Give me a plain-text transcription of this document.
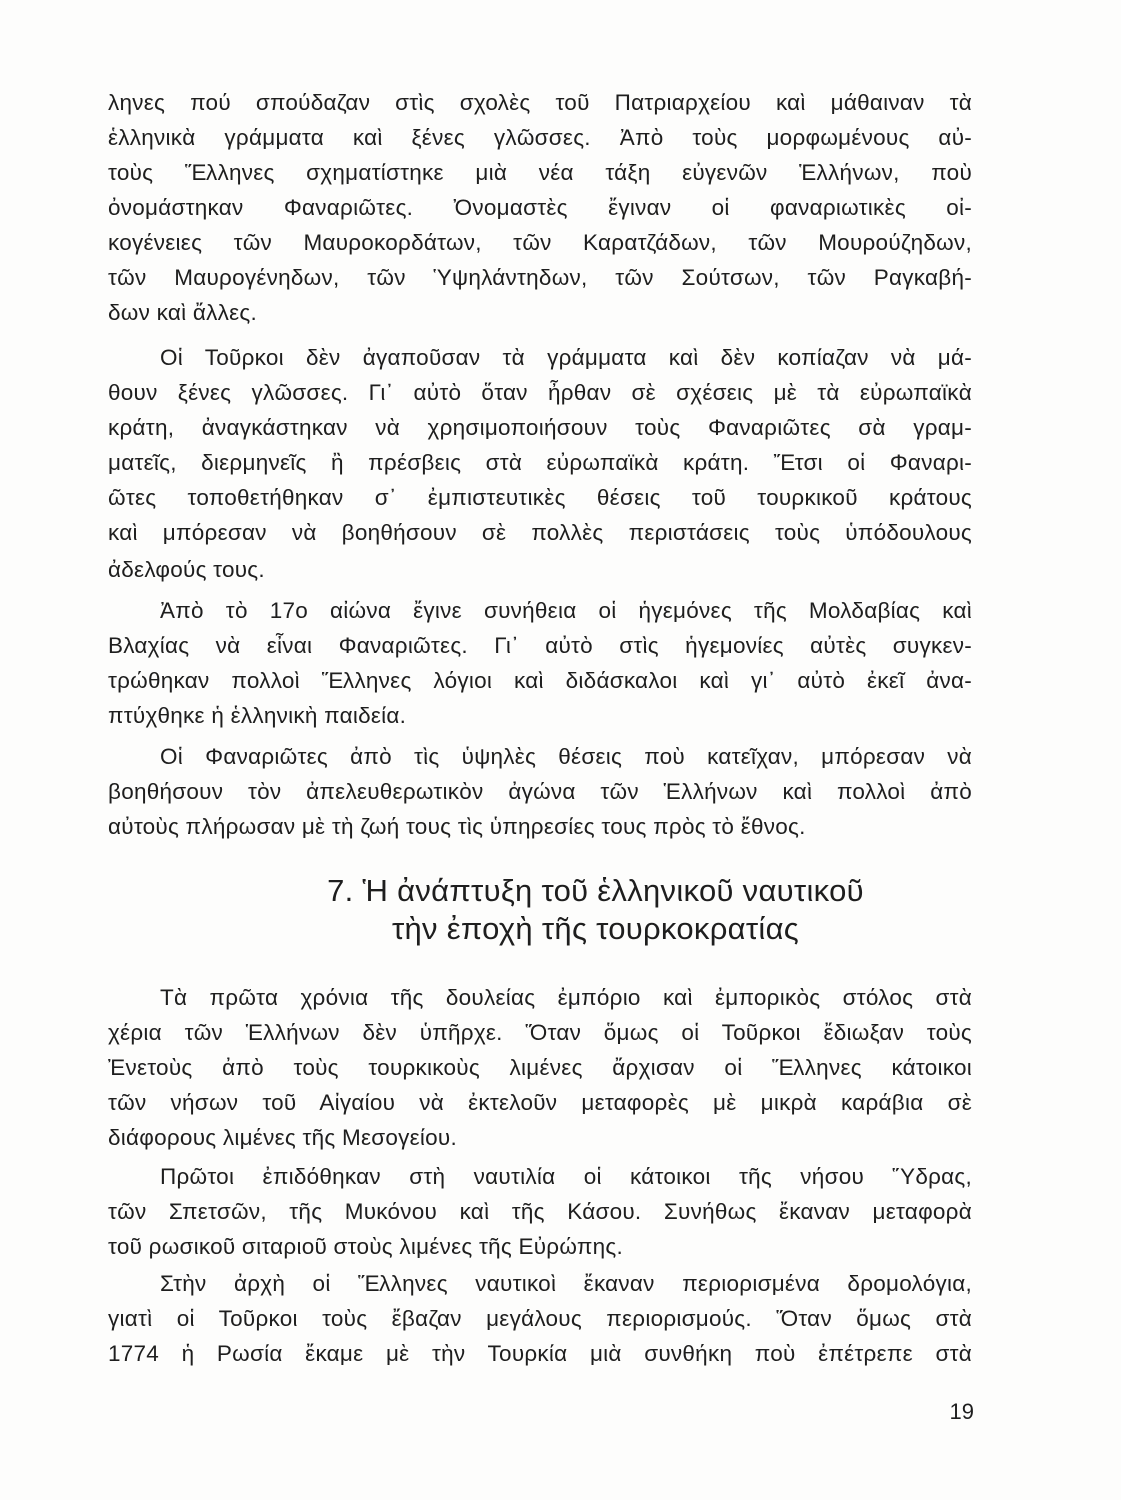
ληνες πού σπούδαζαν στὶς σχολὲς τοῦ Πατριαρχείου καὶ μάθαιναν τὰ
ἑλληνικὰ γράμματα καὶ ξένες γλῶσσες. Ἀπὸ τοὺς μορφωμένους αὐ-
τοὺς Ἕλληνες σχηματίστηκε μιὰ νέα τάξη εὐγενῶν Ἑλλήνων, ποὺ
ὀνομάστηκαν Φαναριῶτες. Ὀνομαστὲς ἔγιναν οἱ φαναριωτικὲς οἰ-
κογένειες τῶν Μαυροκορδάτων, τῶν Καρατζάδων, τῶν Μουρούζηδων,
τῶν Μαυρογένηδων, τῶν Ὑψηλάντηδων, τῶν Σούτσων, τῶν Ραγκαβή-
δων καὶ ἄλλες.
Οἱ Τοῦρκοι δὲν ἀγαποῦσαν τὰ γράμματα καὶ δὲν κοπίαζαν νὰ μά-
θουν ξένες γλῶσσες. Γι᾽ αὐτὸ ὅταν ἦρθαν σὲ σχέσεις μὲ τὰ εὐρωπαϊκὰ
κράτη, ἀναγκάστηκαν νὰ χρησιμοποιήσουν τοὺς Φαναριῶτες σὰ γραμ-
ματεῖς, διερμηνεῖς ἢ πρέσβεις στὰ εὐρωπαϊκὰ κράτη. Ἔτσι οἱ Φαναρι-
ῶτες τοποθετήθηκαν σ᾽ ἐμπιστευτικὲς θέσεις τοῦ τουρκικοῦ κράτους
καὶ μπόρεσαν νὰ βοηθήσουν σὲ πολλὲς περιστάσεις τοὺς ὑπόδουλους
ἀδελφούς τους.
Ἀπὸ τὸ 17ο αἰώνα ἔγινε συνήθεια οἱ ἡγεμόνες τῆς Μολδαβίας καὶ
Βλαχίας νὰ εἶναι Φαναριῶτες. Γι᾽ αὐτὸ στὶς ἡγεμονίες αὐτὲς συγκεν-
τρώθηκαν πολλοὶ Ἕλληνες λόγιοι καὶ διδάσκαλοι καὶ γι᾽ αὐτὸ ἐκεῖ ἀνα-
πτύχθηκε ἡ ἑλληνικὴ παιδεία.
Οἱ Φαναριῶτες ἀπὸ τὶς ὑψηλὲς θέσεις ποὺ κατεῖχαν, μπόρεσαν νὰ
βοηθήσουν τὸν ἀπελευθερωτικὸν ἀγώνα τῶν Ἑλλήνων καὶ πολλοὶ ἀπὸ
αὐτοὺς πλήρωσαν μὲ τὴ ζωή τους τὶς ὑπηρεσίες τους πρὸς τὸ ἔθνος.
7. Ἡ ἀνάπτυξη τοῦ ἑλληνικοῦ ναυτικοῦ
τὴν ἐποχὴ τῆς τουρκοκρατίας
Τὰ πρῶτα χρόνια τῆς δουλείας ἐμπόριο καὶ ἐμπορικὸς στόλος στὰ
χέρια τῶν Ἑλλήνων δὲν ὑπῆρχε. Ὅταν ὅμως οἱ Τοῦρκοι ἔδιωξαν τοὺς
Ἐνετοὺς ἀπὸ τοὺς τουρκικοὺς λιμένες ἄρχισαν οἱ Ἕλληνες κάτοικοι
τῶν νήσων τοῦ Αἰγαίου νὰ ἐκτελοῦν μεταφορὲς μὲ μικρὰ καράβια σὲ
διάφορους λιμένες τῆς Μεσογείου.
Πρῶτοι ἐπιδόθηκαν στὴ ναυτιλία οἱ κάτοικοι τῆς νήσου Ὕδρας,
τῶν Σπετσῶν, τῆς Μυκόνου καὶ τῆς Κάσου. Συνήθως ἔκαναν μεταφορὰ
τοῦ ρωσικοῦ σιταριοῦ στοὺς λιμένες τῆς Εὐρώπης.
Στὴν ἀρχὴ οἱ Ἕλληνες ναυτικοὶ ἔκαναν περιορισμένα δρομολόγια,
γιατὶ οἱ Τοῦρκοι τοὺς ἔβαζαν μεγάλους περιορισμούς. Ὅταν ὅμως στὰ
1774 ἡ Ρωσία ἔκαμε μὲ τὴν Τουρκία μιὰ συνθήκη ποὺ ἐπέτρεπε στὰ
19
